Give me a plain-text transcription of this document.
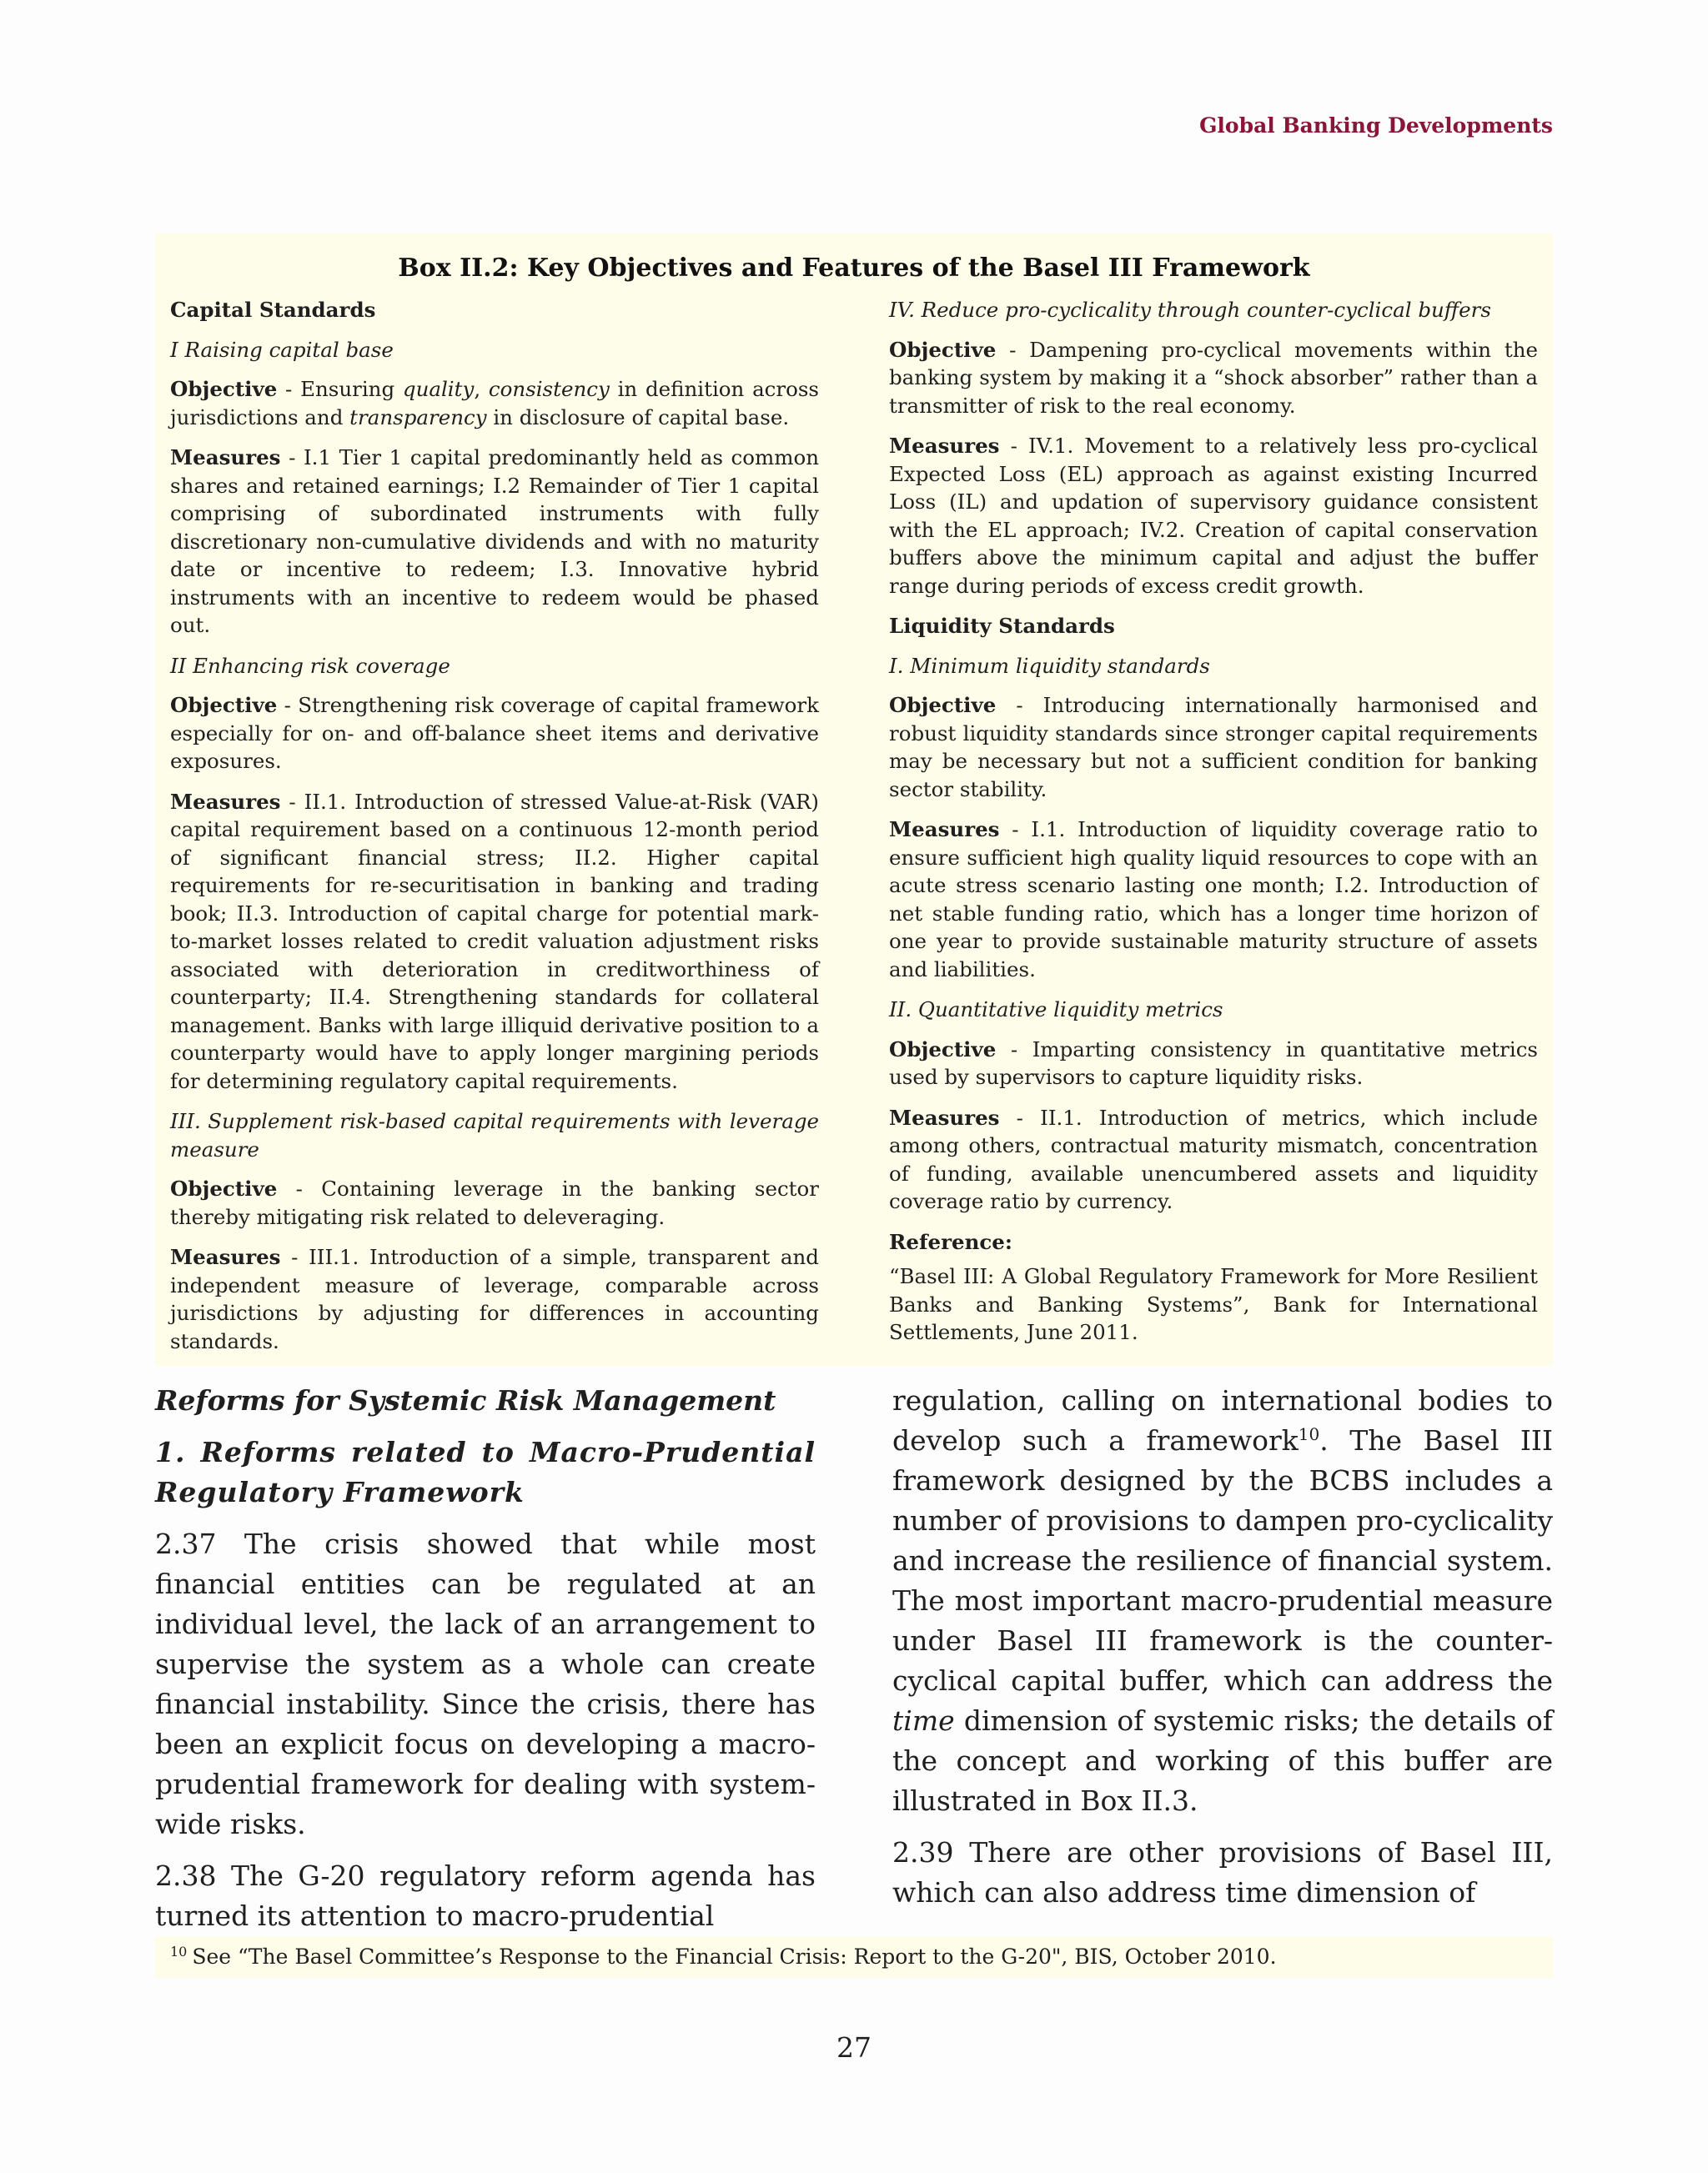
Global Banking Developments
Box II.2: Key Objectives and Features of the Basel III Framework

Capital Standards

I Raising capital base

Objective - Ensuring quality, consistency in definition across jurisdictions and transparency in disclosure of capital base.

Measures - I.1 Tier 1 capital predominantly held as common shares and retained earnings; I.2 Remainder of Tier 1 capital comprising of subordinated instruments with fully discretionary non-cumulative dividends and with no maturity date or incentive to redeem; I.3. Innovative hybrid instruments with an incentive to redeem would be phased out.

II Enhancing risk coverage

Objective - Strengthening risk coverage of capital framework especially for on- and off-balance sheet items and derivative exposures.

Measures - II.1. Introduction of stressed Value-at-Risk (VAR) capital requirement based on a continuous 12-month period of significant financial stress; II.2. Higher capital requirements for re-securitisation in banking and trading book; II.3. Introduction of capital charge for potential mark-to-market losses related to credit valuation adjustment risks associated with deterioration in creditworthiness of counterparty; II.4. Strengthening standards for collateral management. Banks with large illiquid derivative position to a counterparty would have to apply longer margining periods for determining regulatory capital requirements.

III. Supplement risk-based capital requirements with leverage measure

Objective - Containing leverage in the banking sector thereby mitigating risk related to deleveraging.

Measures - III.1. Introduction of a simple, transparent and independent measure of leverage, comparable across jurisdictions by adjusting for differences in accounting standards.

IV. Reduce pro-cyclicality through counter-cyclical buffers

Objective - Dampening pro-cyclical movements within the banking system by making it a “shock absorber” rather than a transmitter of risk to the real economy.

Measures - IV.1. Movement to a relatively less pro-cyclical Expected Loss (EL) approach as against existing Incurred Loss (IL) and updation of supervisory guidance consistent with the EL approach; IV.2. Creation of capital conservation buffers above the minimum capital and adjust the buffer range during periods of excess credit growth.

Liquidity Standards

I. Minimum liquidity standards

Objective - Introducing internationally harmonised and robust liquidity standards since stronger capital requirements may be necessary but not a sufficient condition for banking sector stability.

Measures - I.1. Introduction of liquidity coverage ratio to ensure sufficient high quality liquid resources to cope with an acute stress scenario lasting one month; I.2. Introduction of net stable funding ratio, which has a longer time horizon of one year to provide sustainable maturity structure of assets and liabilities.

II. Quantitative liquidity metrics

Objective - Imparting consistency in quantitative metrics used by supervisors to capture liquidity risks.

Measures - II.1. Introduction of metrics, which include among others, contractual maturity mismatch, concentration of funding, available unencumbered assets and liquidity coverage ratio by currency.

Reference:

“Basel III: A Global Regulatory Framework for More Resilient Banks and Banking Systems”, Bank for International Settlements, June 2011.

Reforms for Systemic Risk Management

1. Reforms related to Macro-Prudential Regulatory Framework

2.37 The crisis showed that while most financial entities can be regulated at an individual level, the lack of an arrangement to supervise the system as a whole can create financial instability. Since the crisis, there has been an explicit focus on developing a macro-prudential framework for dealing with system-wide risks.

2.38 The G-20 regulatory reform agenda has turned its attention to macro-prudential

regulation, calling on international bodies to develop such a framework$^{10}$. The Basel III framework designed by the BCBS includes a number of provisions to dampen pro-cyclicality and increase the resilience of financial system. The most important macro-prudential measure under Basel III framework is the counter-cyclical capital buffer, which can address the time dimension of systemic risks; the details of the concept and working of this buffer are illustrated in Box II.3.

2.39 There are other provisions of Basel III, which can also address time dimension of

$^{10}$ See “The Basel Committee’s Response to the Financial Crisis: Report to the G-20", BIS, October 2010.
27
